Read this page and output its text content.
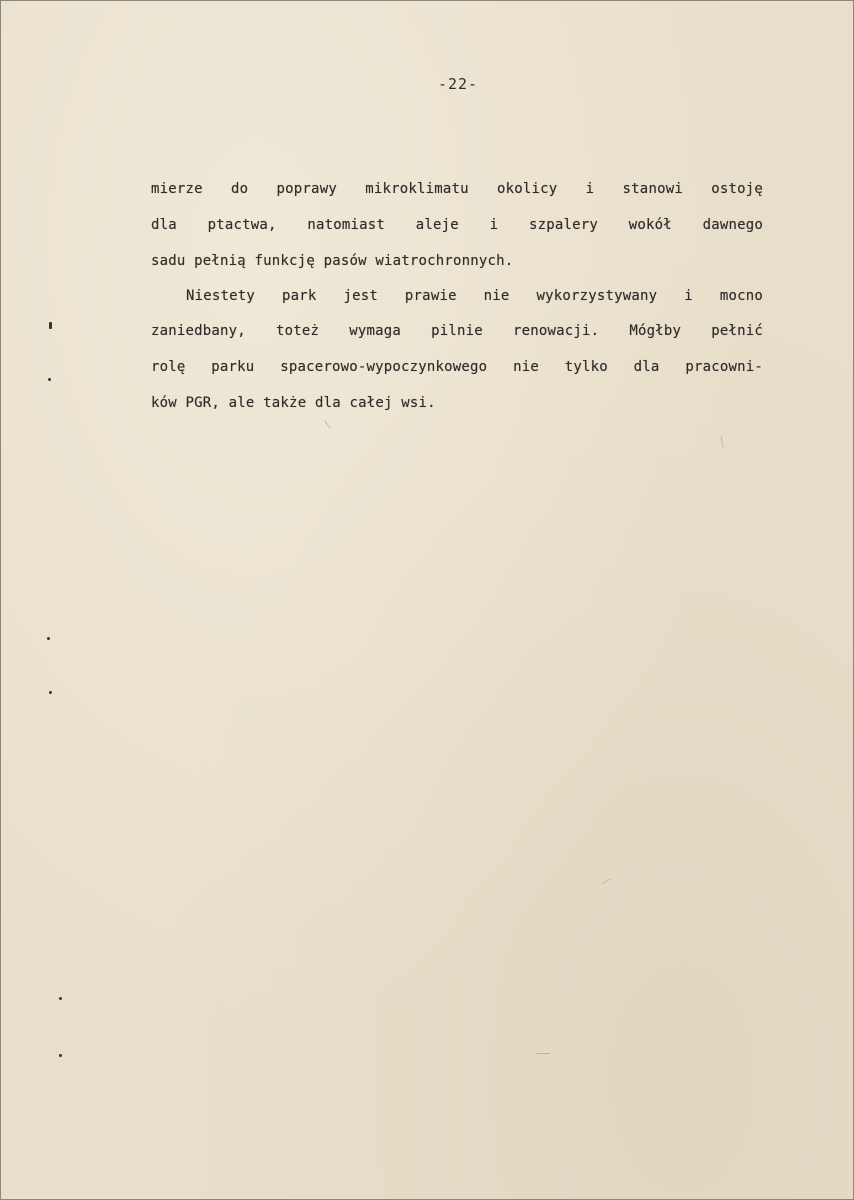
-22-
mierze do poprawy mikroklimatu okolicy i stanowi ostoję
dla ptactwa, natomiast aleje i szpalery wokół dawnego
sadu pełnią funkcję pasów wiatrochronnych.
Niestety park jest prawie nie wykorzystywany i mocno
zaniedbany, toteż wymaga pilnie renowacji. Mógłby pełnić
rolę parku spacerowo-wypoczynkowego nie tylko dla pracowni-
ków PGR, ale także dla całej wsi.
